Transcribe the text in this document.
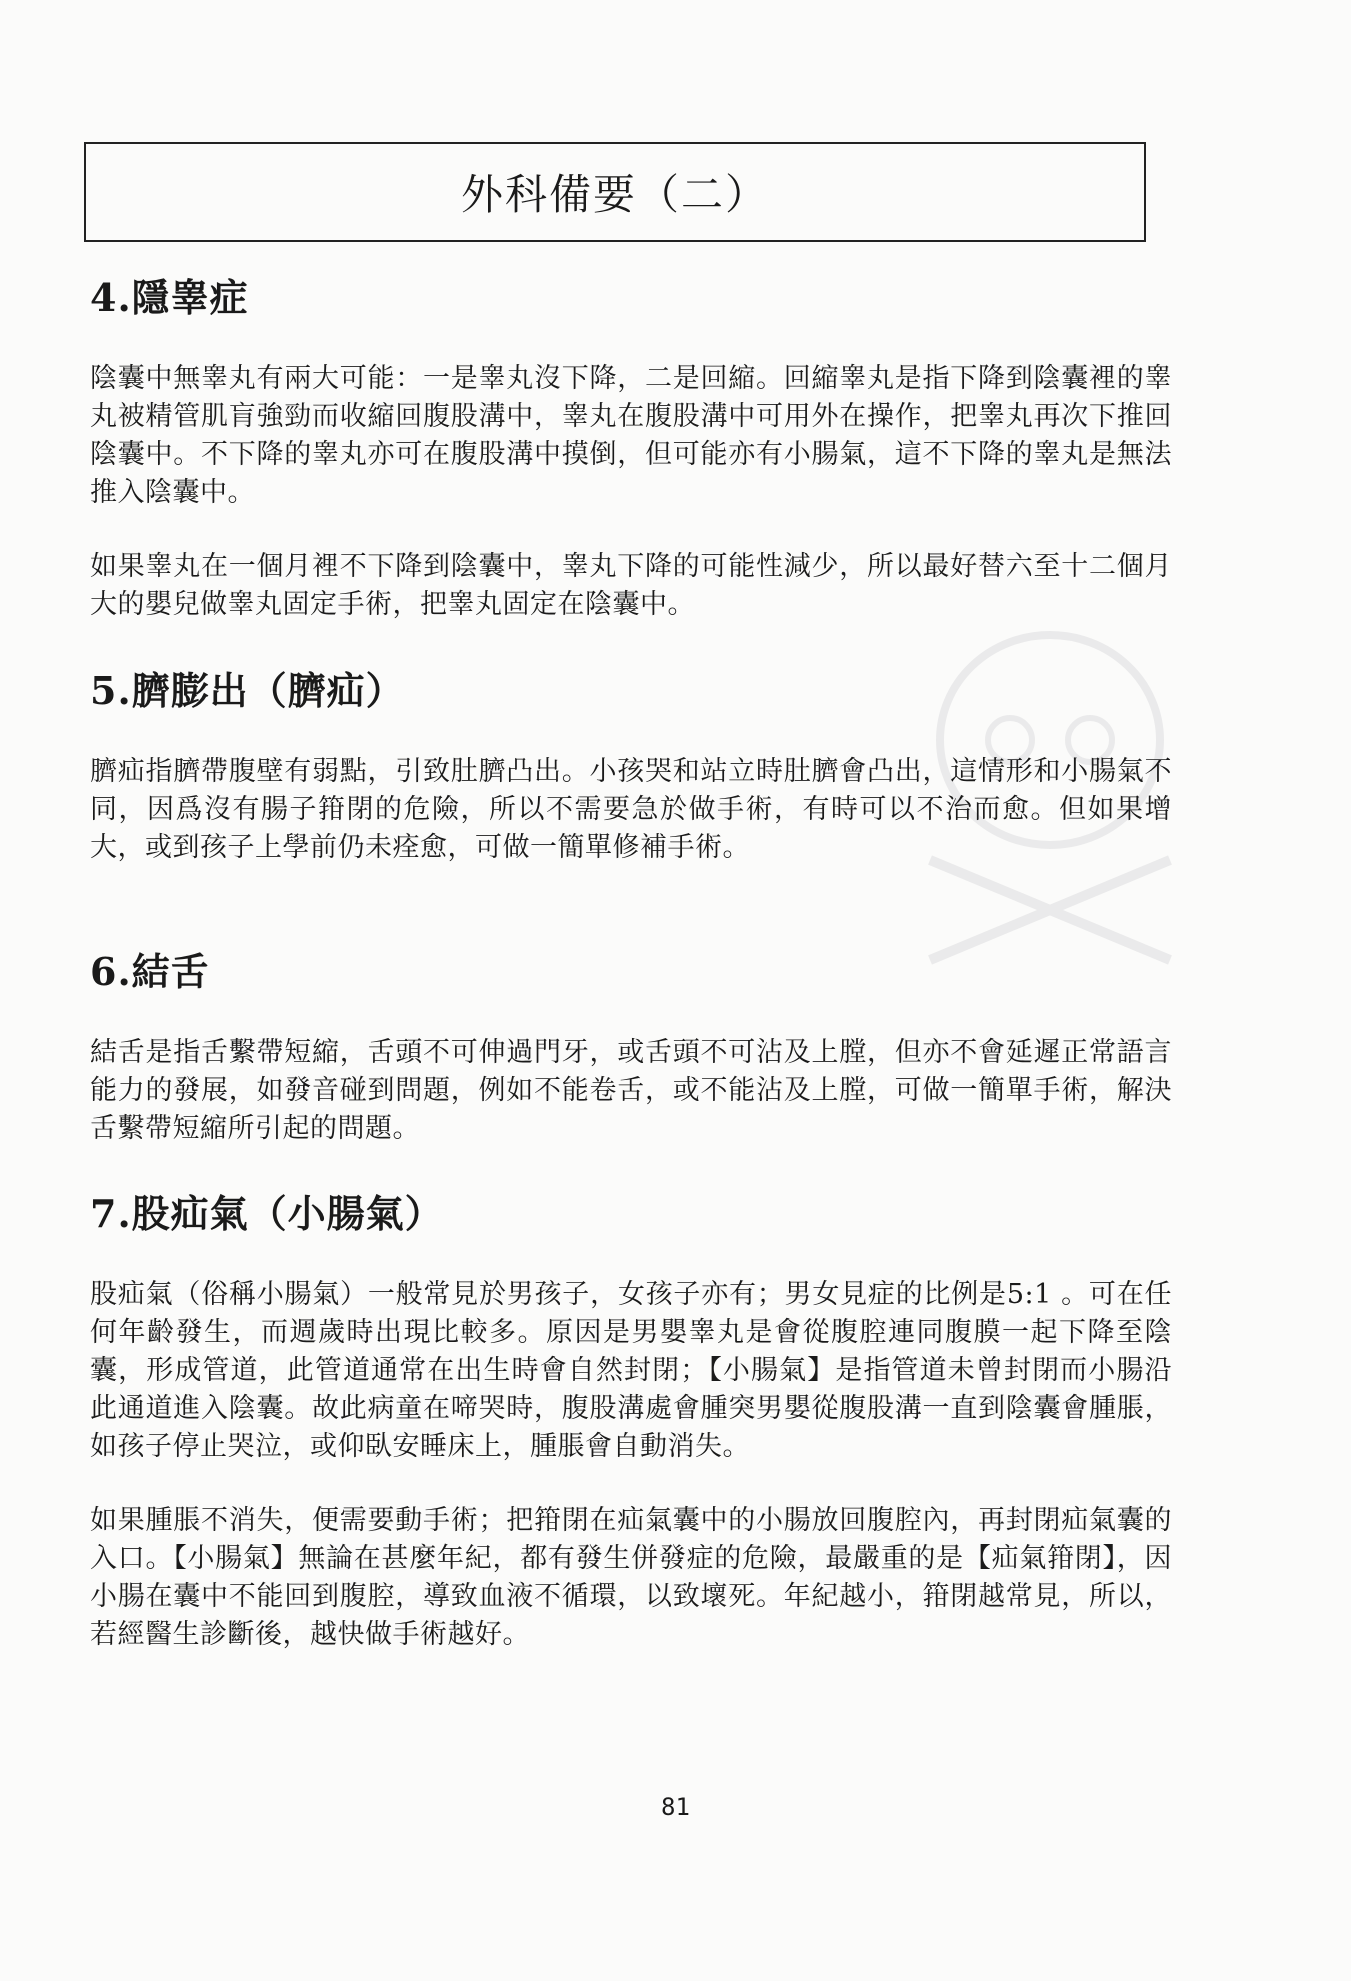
外科備要（二）
4.隱睾症

陰囊中無睾丸有兩大可能：一是睾丸沒下降，二是回縮。回縮睾丸是指下降到陰囊裡的睾丸被精管肌肓強勁而收縮回腹股溝中，睾丸在腹股溝中可用外在操作，把睾丸再次下推回陰囊中。不下降的睾丸亦可在腹股溝中摸倒，但可能亦有小腸氣，這不下降的睾丸是無法推入陰囊中。

如果睾丸在一個月裡不下降到陰囊中，睾丸下降的可能性減少，所以最好替六至十二個月大的嬰兒做睾丸固定手術，把睾丸固定在陰囊中。

5.臍膨出（臍疝）

臍疝指臍帶腹壁有弱點，引致肚臍凸出。小孩哭和站立時肚臍會凸出，這情形和小腸氣不同，因爲沒有腸子箝閉的危險，所以不需要急於做手術，有時可以不治而愈。但如果增大，或到孩子上學前仍未痊愈，可做一簡單修補手術。

6.結舌

結舌是指舌繫帶短縮，舌頭不可伸過門牙，或舌頭不可沾及上膛，但亦不會延遲正常語言能力的發展，如發音碰到問題，例如不能卷舌，或不能沾及上膛，可做一簡單手術，解決舌繫帶短縮所引起的問題。

7.股疝氣（小腸氣）

股疝氣（俗稱小腸氣）一般常見於男孩子，女孩子亦有；男女見症的比例是5:1 。可在任何年齡發生，而週歲時出現比較多。原因是男嬰睾丸是會從腹腔連同腹膜一起下降至陰囊，形成管道，此管道通常在出生時會自然封閉；【小腸氣】是指管道未曾封閉而小腸沿此通道進入陰囊。故此病童在啼哭時，腹股溝處會腫突男嬰從腹股溝一直到陰囊會腫脹，如孩子停止哭泣，或仰臥安睡床上，腫脹會自動消失。

如果腫脹不消失，便需要動手術；把箝閉在疝氣囊中的小腸放回腹腔內，再封閉疝氣囊的入口。【小腸氣】無論在甚麼年紀，都有發生併發症的危險，最嚴重的是【疝氣箝閉】，因小腸在囊中不能回到腹腔，導致血液不循環，以致壞死。年紀越小，箝閉越常見，所以，若經醫生診斷後，越快做手術越好。

81
